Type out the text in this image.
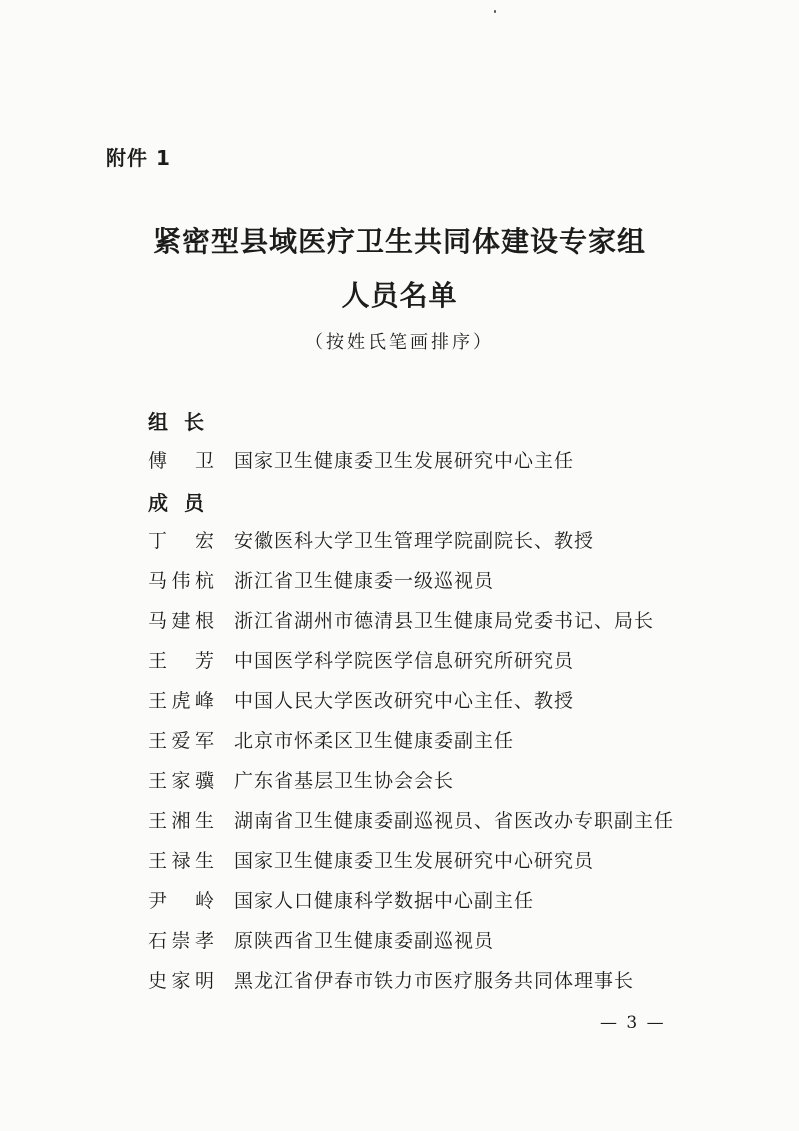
附件 1
紧密型县域医疗卫生共同体建设专家组
人员名单
（按姓氏笔画排序）
组长
傅卫 国家卫生健康委卫生发展研究中心主任
成员
丁宏 安徽医科大学卫生管理学院副院长、教授
马伟杭 浙江省卫生健康委一级巡视员
马建根 浙江省湖州市德清县卫生健康局党委书记、局长
王芳 中国医学科学院医学信息研究所研究员
王虎峰 中国人民大学医改研究中心主任、教授
王爱军 北京市怀柔区卫生健康委副主任
王家骥 广东省基层卫生协会会长
王湘生 湖南省卫生健康委副巡视员、省医改办专职副主任
王禄生 国家卫生健康委卫生发展研究中心研究员
尹岭 国家人口健康科学数据中心副主任
石崇孝 原陕西省卫生健康委副巡视员
史家明 黑龙江省伊春市铁力市医疗服务共同体理事长
— 3 —
